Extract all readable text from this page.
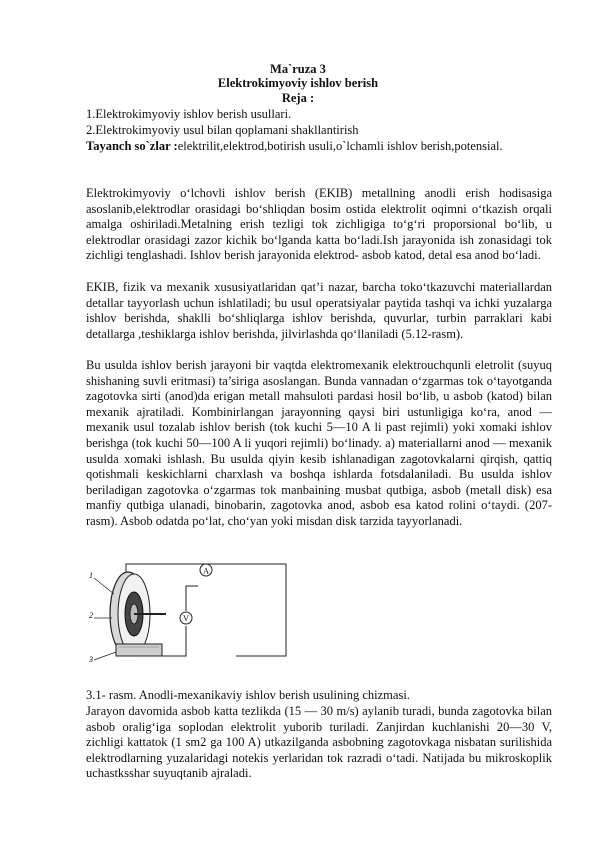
Ma`ruza 3
Elektrokimyoviy ishlov berish
Reja :
1.Elektrokimyoviy ishlov berish usullari.
2.Elektrokimyoviy usul bilan qoplamani shakllantirish
Tayanch so`zlar :elektrilit,elektrod,botirish usuli,o`lchamli ishlov berish,potensial.
Elektrokimyoviy o‘lchovli ishlov berish (EKIB) metallning anodli erish hodisasiga asoslanib,elektrodlar orasidagi bo‘shliqdan bosim ostida elektrolit oqimni o‘tkazish orqali amalga oshiriladi.Metalning erish tezligi tok zichligiga to‘g‘ri proporsional bo‘lib, u elektrodlar orasidagi zazor kichik bo‘lganda katta bo‘ladi.Ish jarayonida ish zonasidagi tok zichligi tenglashadi. Ishlov berish jarayonida elektrod- asbob katod, detal esa anod bo‘ladi.
EKIB, fizik va mexanik xususiyatlaridan qat’i nazar, barcha toko‘tkazuvchi materiallardan detallar tayyorlash uchun ishlatiladi; bu usul operatsiyalar paytida tashqi va ichki yuzalarga ishlov berishda, shaklli bo‘shliqlarga ishlov berishda, quvurlar, turbin parraklari kabi detallarga ,teshiklarga ishlov berishda, jilvirlashda qo‘llaniladi (5.12-rasm).
Bu usulda ishlov berish jarayoni bir vaqtda elektromexanik elektrouchqunli eletrolit (suyuq shishaning suvli eritmasi) ta’siriga asoslangan. Bunda vannadan o‘zgarmas tok o‘tayotganda zagotovka sirti (anod)da erigan metall mahsuloti pardasi hosil bo‘lib, u asbob (katod) bilan mexanik ajratiladi. Kombinirlangan jarayonning qaysi biri ustunligiga ko‘ra, anod — mexanik usul tozalab ishlov berish (tok kuchi 5—10 A li past rejimli) yoki xomaki ishlov berishga (tok kuchi 50—100 A li yuqori rejimli) bo‘linady. a) materiallarni anod — mexanik usulda xomaki ishlash. Bu usulda qiyin kesib ishlanadigan zagotovkalarni qirqish, qattiq qotishmali keskichlarni charxlash va boshqa ishlarda fotsdalaniladi. Bu usulda ishlov beriladigan zagotovka o‘zgarmas tok manbaining musbat qutbiga, asbob (metall disk) esa manfiy qutbiga ulanadi, binobarin, zagotovka anod, asbob esa katod rolini o‘taydi. (207-rasm). Asbob odatda po‘lat, cho‘yan yoki misdan disk tarzida tayyorlanadi.
A
V
1
2
3
3.1- rasm. Anodli-mexanikaviy ishlov berish usulining chizmasi.
Jarayon davomida asbob katta tezlikda (15 — 30 m/s) aylanib turadi, bunda zagotovka bilan asbob oralig‘iga soplodan elektrolit yuborib turiladi. Zanjirdan kuchlanishi 20—30 V, zichligi kattatok (1 sm2 ga 100 A) utkazilganda asbobning zagotovkaga nisbatan surilishida elektrodlarning yuzalaridagi notekis yerlaridan tok razradi o‘tadi. Natijada bu mikroskoplik uchastksshar suyuqtanib ajraladi.
